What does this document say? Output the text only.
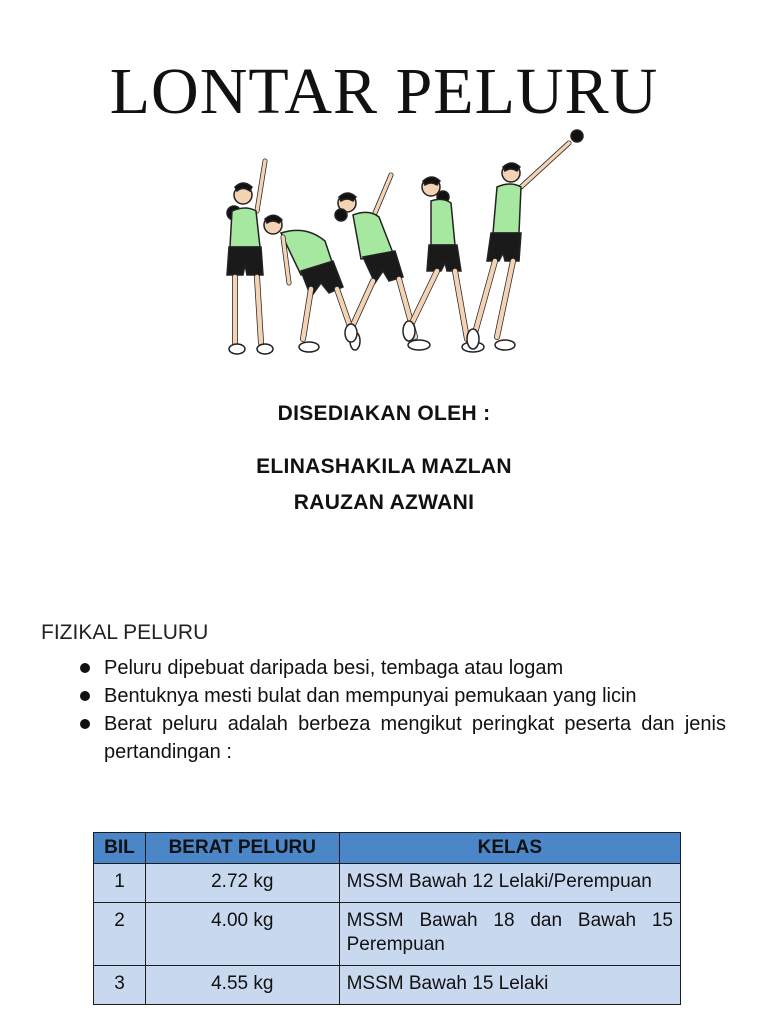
LONTAR PELURU
DISEDIAKAN OLEH :
ELINASHAKILA MAZLAN
RAUZAN AZWANI
FIZIKAL PELURU
Peluru dipebuat daripada besi, tembaga atau logam
Bentuknya mesti bulat dan mempunyai pemukaan yang licin
Berat peluru adalah berbeza mengikut peringkat peserta dan jenis pertandingan :
BIL	BERAT PELURU	KELAS
1	2.72 kg	MSSM Bawah 12 Lelaki/Perempuan
2	4.00 kg	MSSM Bawah 18 dan Bawah 15 Perempuan
3	4.55 kg	MSSM Bawah 15 Lelaki
